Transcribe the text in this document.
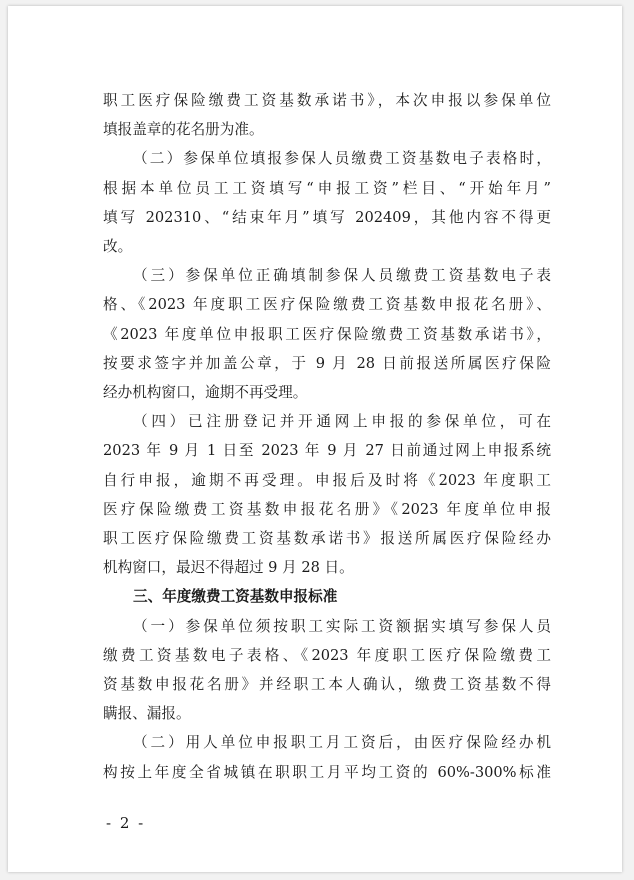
职工医疗保险缴费工资基数承诺书》，本次申报以参保单位
填报盖章的花名册为准。
（二）参保单位填报参保人员缴费工资基数电子表格时，
根据本单位员工工资填写“申报工资”栏目、“开始年月”
填写 202310、“结束年月”填写 202409，其他内容不得更
改。
（三）参保单位正确填制参保人员缴费工资基数电子表
格、《2023 年度职工医疗保险缴费工资基数申报花名册》、
《2023 年度单位申报职工医疗保险缴费工资基数承诺书》，
按要求签字并加盖公章，于 9 月 28 日前报送所属医疗保险
经办机构窗口，逾期不再受理。
（四）已注册登记并开通网上申报的参保单位，可在
2023 年 9 月 1 日至 2023 年 9 月 27 日前通过网上申报系统
自行申报，逾期不再受理。申报后及时将《2023 年度职工
医疗保险缴费工资基数申报花名册》《2023 年度单位申报
职工医疗保险缴费工资基数承诺书》报送所属医疗保险经办
机构窗口，最迟不得超过 9 月 28 日。
三、年度缴费工资基数申报标准
（一）参保单位须按职工实际工资额据实填写参保人员
缴费工资基数电子表格、《2023 年度职工医疗保险缴费工
资基数申报花名册》并经职工本人确认，缴费工资基数不得
瞒报、漏报。
（二）用人单位申报职工月工资后，由医疗保险经办机
构按上年度全省城镇在职职工月平均工资的 60%-300%标准
- 2 -
